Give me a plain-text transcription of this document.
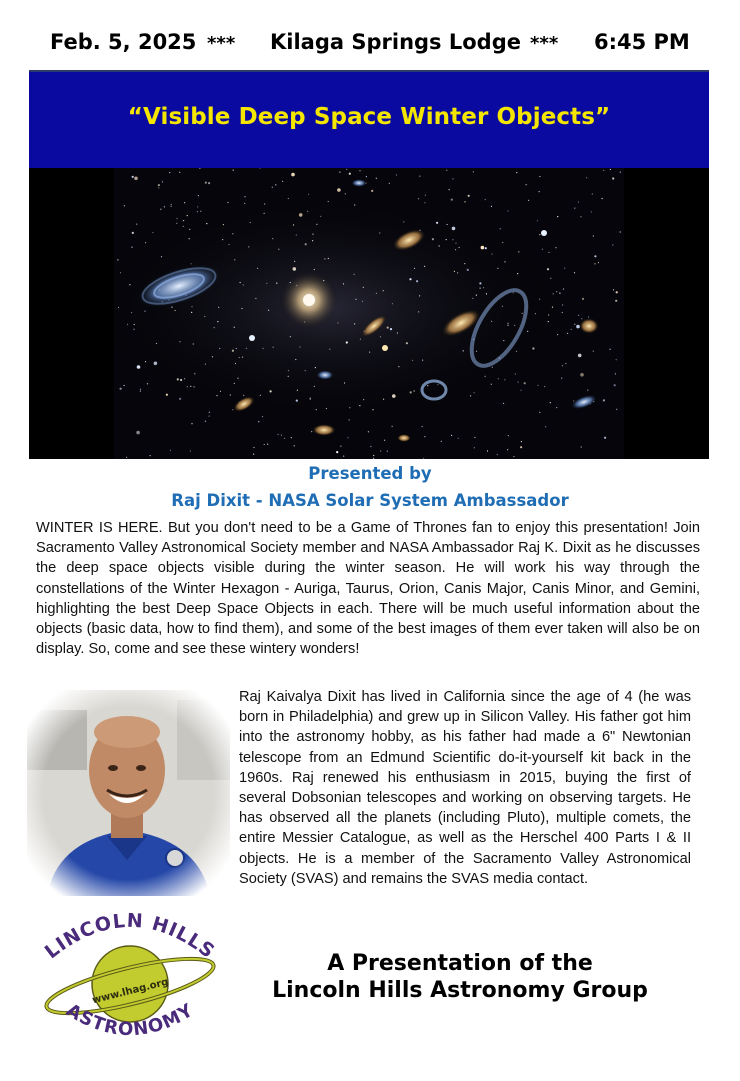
Feb. 5, 2025 *** Kilaga Springs Lodge *** 6:45 PM
“Visible Deep Space Winter Objects”
Presented by
Raj Dixit - NASA Solar System Ambassador

WINTER IS HERE. But you don't need to be a Game of Thrones fan to enjoy this presentation! Join Sacramento Valley Astronomical Society member and NASA Ambassador Raj K. Dixit as he discusses the deep space objects visible during the winter season. He will work his way through the constellations of the Winter Hexagon - Auriga, Taurus, Orion, Canis Major, Canis Minor, and Gemini, highlighting the best Deep Space Objects in each. There will be much useful information about the objects (basic data, how to find them), and some of the best images of them ever taken will also be on display. So, come and see these wintery wonders!

Raj Kaivalya Dixit has lived in California since the age of 4 (he was born in Philadelphia) and grew up in Silicon Valley. His father got him into the astronomy hobby, as his father had made a 6" Newtonian telescope from an Edmund Scientific do-it-yourself kit back in the 1960s. Raj renewed his enthusiasm in 2015, buying the first of several Dobsonian telescopes and working on observing targets. He has observed all the planets (including Pluto), multiple comets, the entire Messier Catalogue, as well as the Herschel 400 Parts I & II objects. He is a member of the Sacramento Valley Astronomical Society (SVAS) and remains the SVAS media contact.

LINCOLN HILLS
www.lhag.org
ASTRONOMY
A Presentation of the
Lincoln Hills Astronomy Group
